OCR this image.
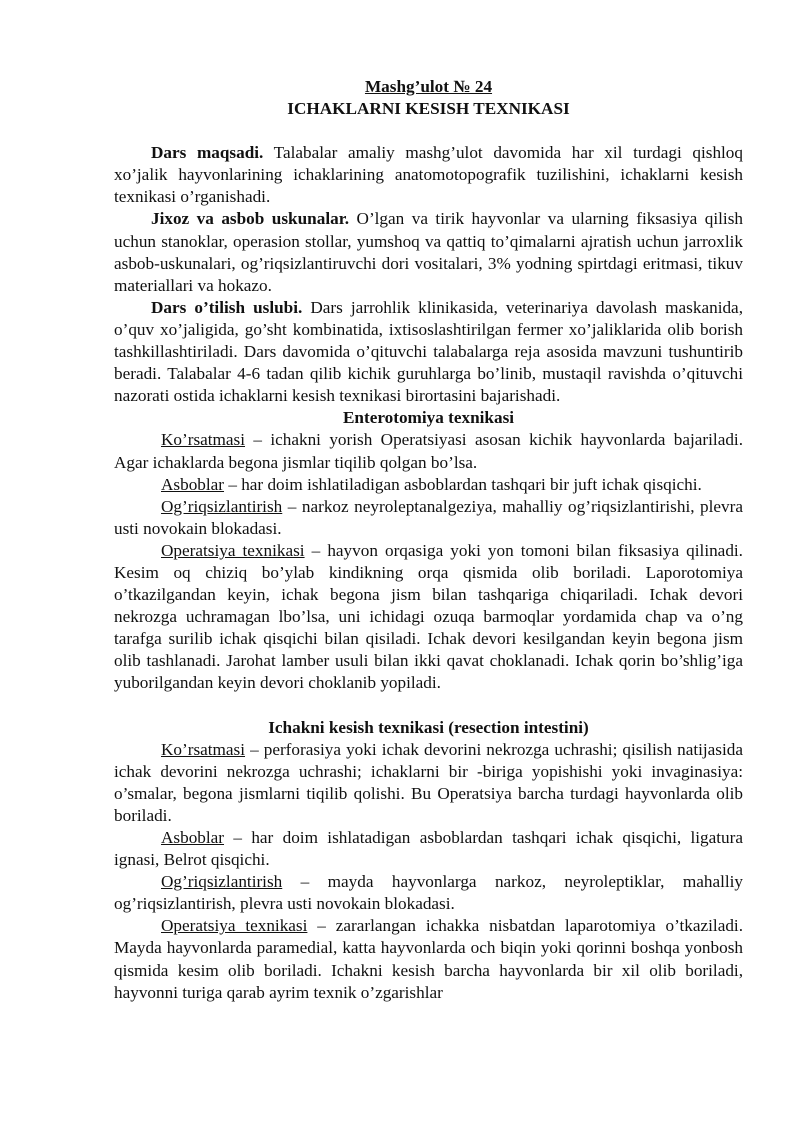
Mashg’ulot № 24
ICHAKLARNI KESISH TEXNIKASI

Dars maqsadi. Talabalar amaliy mashg’ulot davomida har xil turdagi qishloq xo’jalik hayvonlarining ichaklarining anatomotopografik tuzilishini, ichaklarni kesish texnikasi o’rganishadi.

Jixoz va asbob uskunalar. O’lgan va tirik hayvonlar va ularning fiksasiya qilish uchun stanoklar, operasion stollar, yumshoq va qattiq to’qimalarni ajratish uchun jarroxlik asbob-uskunalari, og’riqsizlantiruvchi dori vositalari, 3% yodning spirtdagi eritmasi, tikuv materiallari va hokazo.

Dars o’tilish uslubi. Dars jarrohlik klinikasida, veterinariya davolash maskanida, o’quv xo’jaligida, go’sht kombinatida, ixtisoslashtirilgan fermer xo’jaliklarida olib borish tashkillashtiriladi. Dars davomida o’qituvchi talabalarga reja asosida mavzuni tushuntirib beradi. Talabalar 4-6 tadan qilib kichik guruhlarga bo’linib, mustaqil ravishda o’qituvchi nazorati ostida ichaklarni kesish texnikasi birortasini bajarishadi.

Enterotomiya texnikasi

Ko’rsatmasi – ichakni yorish Operatsiyasi asosan kichik hayvonlarda bajariladi. Agar ichaklarda begona jismlar tiqilib qolgan bo’lsa.

Asboblar – har doim ishlatiladigan asboblardan tashqari bir juft ichak qisqichi.

Og’riqsizlantirish – narkoz neyroleptanalgeziya, mahalliy og’riqsizlantirishi, plevra usti novokain blokadasi.

Operatsiya texnikasi – hayvon orqasiga yoki yon tomoni bilan fiksasiya qilinadi. Kesim oq chiziq bo’ylab kindikning orqa qismida olib boriladi. Laporotomiya o’tkazilgandan keyin, ichak begona jism bilan tashqariga chiqariladi. Ichak devori nekrozga uchramagan lbo’lsa, uni ichidagi ozuqa barmoqlar yordamida chap va o’ng tarafga surilib ichak qisqichi bilan qisiladi. Ichak devori kesilgandan keyin begona jism olib tashlanadi. Jarohat lamber usuli bilan ikki qavat choklanadi. Ichak qorin bo’shlig’iga yuborilgandan keyin devori choklanib yopiladi.

Ichakni kesish texnikasi (resection intestini)

Ko’rsatmasi – perforasiya yoki ichak devorini nekrozga uchrashi; qisilish natijasida ichak devorini nekrozga uchrashi; ichaklarni bir -biriga yopishishi yoki invaginasiya: o’smalar, begona jismlarni tiqilib qolishi. Bu Operatsiya barcha turdagi hayvonlarda olib boriladi.

Asboblar – har doim ishlatadigan asboblardan tashqari ichak qisqichi, ligatura ignasi, Belrot qisqichi.

Og’riqsizlantirish – mayda hayvonlarga narkoz, neyroleptiklar, mahalliy og’riqsizlantirish, plevra usti novokain blokadasi.

Operatsiya texnikasi – zararlangan ichakka nisbatdan laparotomiya o’tkaziladi. Mayda hayvonlarda paramedial, katta hayvonlarda och biqin yoki qorinni boshqa yonbosh qismida kesim olib boriladi. Ichakni kesish barcha hayvonlarda bir xil olib boriladi, hayvonni turiga qarab ayrim texnik o’zgarishlar
